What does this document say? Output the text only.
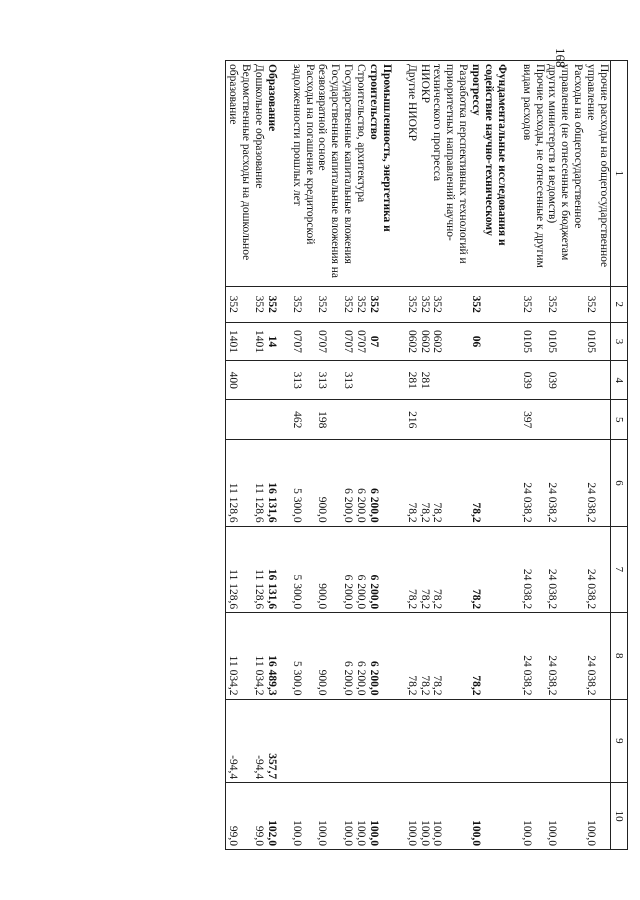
168
1	2	3	4	5	6	7	8	9	10
Прочие расходы на общегосударственное управление	352	0105			24 038,2	24 038,2	24 038,2		100,0
Расходы на общегосударственное управление (не отнесенные к бюджетам других министерств и ведомств)	352	0105	039		24 038,2	24 038,2	24 038,2		100,0
Прочие расходы, не отнесенные к другим видам расходов	352	0105	039	397	24 038,2	24 038,2	24 038,2		100,0

Фундаментальные исследования и содействие научно-техническому прогрессу	352	06			78,2	78,2	78,2		100,0
Разработка перспективных технологий и приоритетных направлений научно-технического прогресса	352	0602			78,2	78,2	78,2		100,0
НИОКР	352	0602	281		78,2	78,2	78,2		100,0
Другие НИОКР	352	0602	281	216	78,2	78,2	78,2		100,0

Промышленность, энергетика и строительство	352	07			6 200,0	6 200,0	6 200,0		100,0
Строительство, архитектура	352	0707			6 200,0	6 200,0	6 200,0		100,0
Государственные капитальные вложения	352	0707	313		6 200,0	6 200,0	6 200,0		100,0
Государственные капитальные вложения на безвозвратной основе	352	0707	313	198	900,0	900,0	900,0		100,0
Расходы на погашение кредиторской задолженности прошлых лет	352	0707	313	462	5 300,0	5 300,0	5 300,0		100,0

Образование	352	14			16 131,6	16 131,6	16 489,3	357,7	102,0
Дошкольное образование	352	1401			11 128,6	11 128,6	11 034,2	-94,4	99,0
Ведомственные расходы на дошкольное образование	352	1401	400		11 128,6	11 128,6	11 034,2	-94,4	99,0
